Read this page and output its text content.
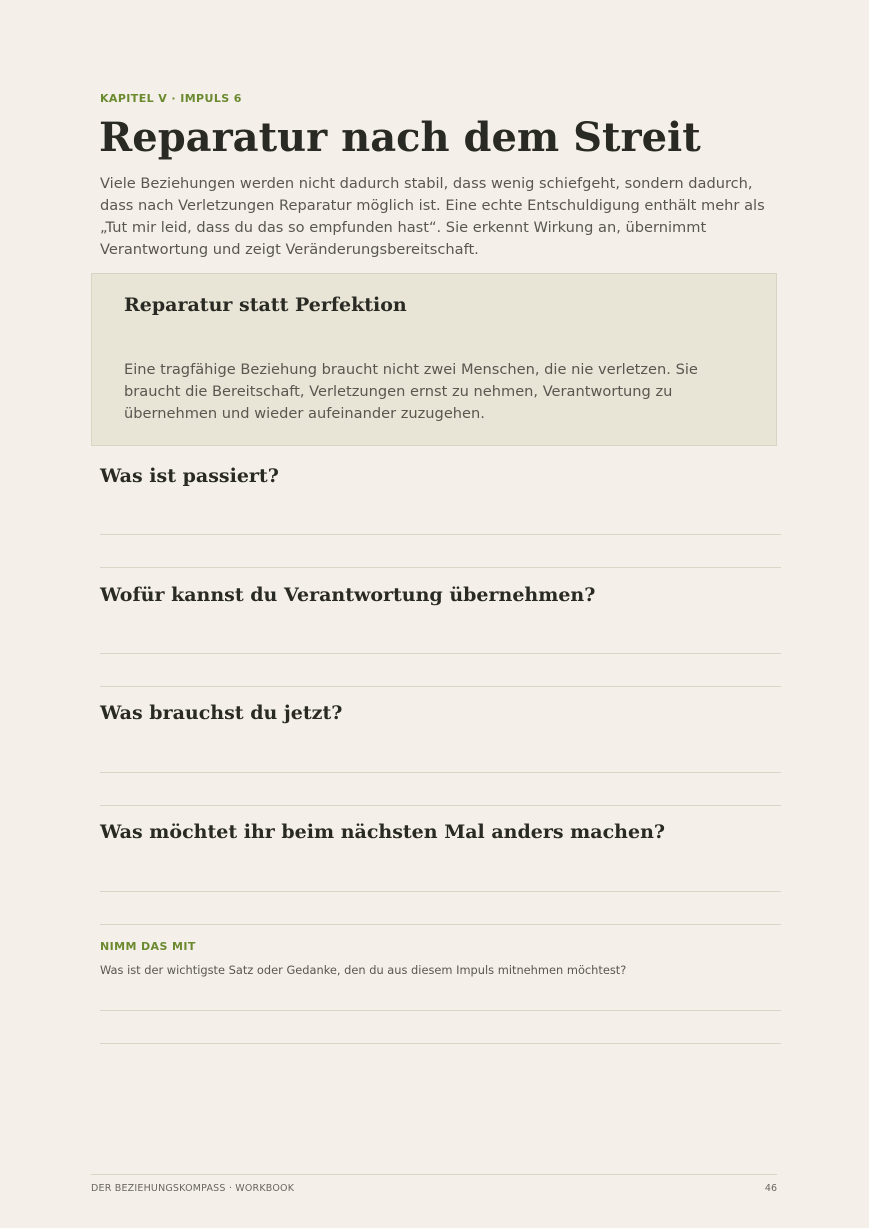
KAPITEL V · IMPULS 6
Reparatur nach dem Streit

Viele Beziehungen werden nicht dadurch stabil, dass wenig schiefgeht, sondern dadurch, dass nach Verletzungen Reparatur möglich ist. Eine echte Entschuldigung enthält mehr als „Tut mir leid, dass du das so empfunden hast“. Sie erkennt Wirkung an, übernimmt Verantwortung und zeigt Veränderungsbereitschaft.

Reparatur statt Perfektion

Eine tragfähige Beziehung braucht nicht zwei Menschen, die nie verletzen. Sie braucht die Bereitschaft, Verletzungen ernst zu nehmen, Verantwortung zu übernehmen und wieder aufeinander zuzugehen.

Was ist passiert?
Wofür kannst du Verantwortung übernehmen?
Was brauchst du jetzt?
Was möchtet ihr beim nächsten Mal anders machen?
NIMM DAS MIT
Was ist der wichtigste Satz oder Gedanke, den du aus diesem Impuls mitnehmen möchtest?
DER BEZIEHUNGSKOMPASS · WORKBOOK	46
